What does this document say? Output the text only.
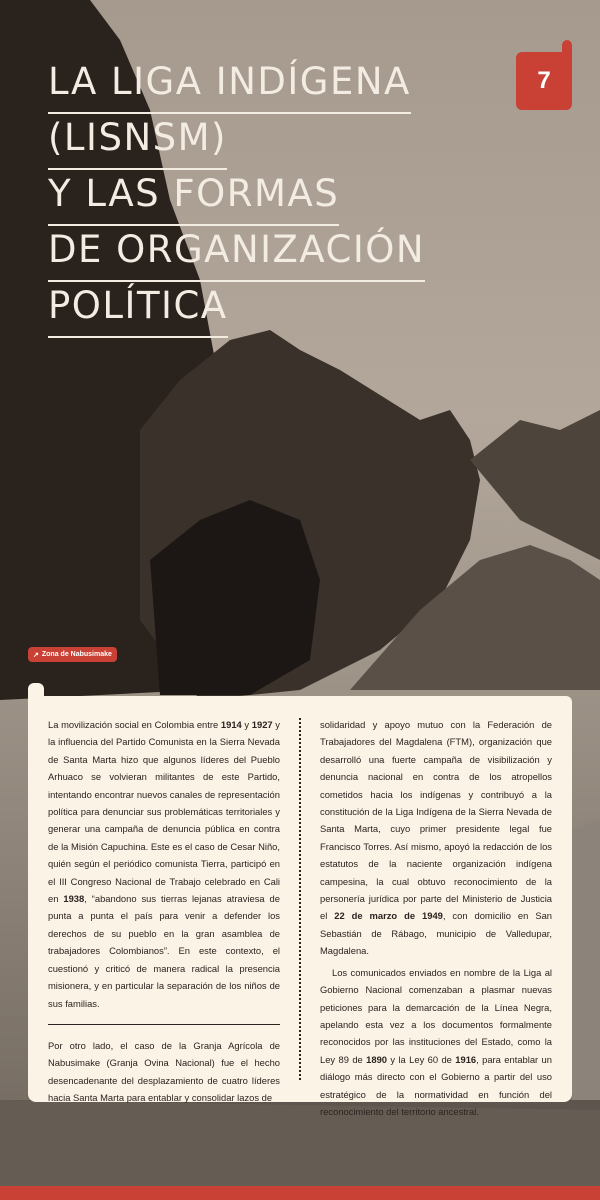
LA LIGA INDÍGENA
(LISNSM)
Y LAS FORMAS
DE ORGANIZACIÓN
POLÍTICA
7
↗ Zona de Nabusimake

La movilización social en Colombia entre 1914 y 1927 y la influencia del Partido Comunista en la Sierra Nevada de Santa Marta hizo que algunos líderes del Pueblo Arhuaco se volvieran militantes de este Partido, intentando encontrar nuevos canales de representación política para denunciar sus problemáticas territoriales y generar una campaña de denuncia pública en contra de la Misión Capuchina. Este es el caso de Cesar Niño, quién según el periódico comunista Tierra, participó en el III Congreso Nacional de Trabajo celebrado en Cali en 1938, “abandono sus tierras lejanas atraviesa de punta a punta el país para venir a defender los derechos de su pueblo en la gran asamblea de trabajadores Colombianos”. En este contexto, el cuestionó y criticó de manera radical la presencia misionera, y en particular la separación de los niños de sus familias.

Por otro lado, el caso de la Granja Agrícola de Nabusimake (Granja Ovina Nacional) fue el hecho desencadenante del desplazamiento de cuatro líderes hacia Santa Marta para entablar y consolidar lazos de

solidaridad y apoyo mutuo con la Federación de Trabajadores del Magdalena (FTM), organización que desarrolló una fuerte campaña de visibilización y denuncia nacional en contra de los atropellos cometidos hacia los indígenas y contribuyó a la constitución de la Liga Indígena de la Sierra Nevada de Santa Marta, cuyo primer presidente legal fue Francisco Torres. Así mismo, apoyó la redacción de los estatutos de la naciente organización indígena campesina, la cual obtuvo reconocimiento de la personería jurídica por parte del Ministerio de Justicia el 22 de marzo de 1949, con domicilio en San Sebastián de Rábago, municipio de Valledupar, Magdalena.

Los comunicados enviados en nombre de la Liga al Gobierno Nacional comenzaban a plasmar nuevas peticiones para la demarcación de la Línea Negra, apelando esta vez a los documentos formalmente reconocidos por las instituciones del Estado, como la Ley 89 de 1890 y la Ley 60 de 1916, para entablar un diálogo más directo con el Gobierno a partir del uso estratégico de la normatividad en función del reconocimiento del territorio ancestral.
